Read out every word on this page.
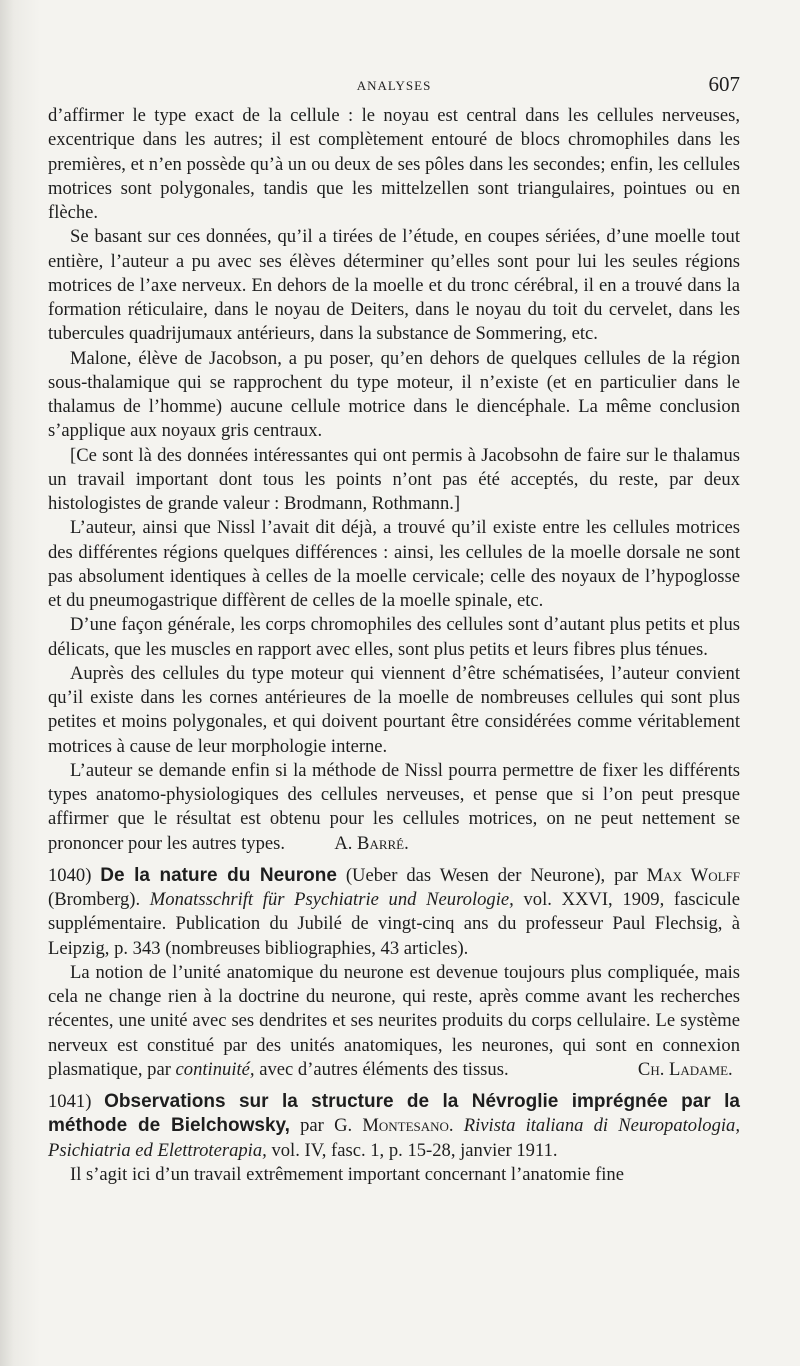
ANALYSES	607

d’affirmer le type exact de la cellule : le noyau est central dans les cellules nerveuses, excentrique dans les autres; il est complètement entouré de blocs chromophiles dans les premières, et n’en possède qu’à un ou deux de ses pôles dans les secondes; enfin, les cellules motrices sont polygonales, tandis que les mittelzellen sont triangulaires, pointues ou en flèche.

Se basant sur ces données, qu’il a tirées de l’étude, en coupes sériées, d’une moelle tout entière, l’auteur a pu avec ses élèves déterminer qu’elles sont pour lui les seules régions motrices de l’axe nerveux. En dehors de la moelle et du tronc cérébral, il en a trouvé dans la formation réticulaire, dans le noyau de Deiters, dans le noyau du toit du cervelet, dans les tubercules quadrijumaux antérieurs, dans la substance de Sommering, etc.

Malone, élève de Jacobson, a pu poser, qu’en dehors de quelques cellules de la région sous-thalamique qui se rapprochent du type moteur, il n’existe (et en particulier dans le thalamus de l’homme) aucune cellule motrice dans le diencéphale. La même conclusion s’applique aux noyaux gris centraux.

[Ce sont là des données intéressantes qui ont permis à Jacobsohn de faire sur le thalamus un travail important dont tous les points n’ont pas été acceptés, du reste, par deux histologistes de grande valeur : Brodmann, Rothmann.]

L’auteur, ainsi que Nissl l’avait dit déjà, a trouvé qu’il existe entre les cellules motrices des différentes régions quelques différences : ainsi, les cellules de la moelle dorsale ne sont pas absolument identiques à celles de la moelle cervicale; celle des noyaux de l’hypoglosse et du pneumogastrique diffèrent de celles de la moelle spinale, etc.

D’une façon générale, les corps chromophiles des cellules sont d’autant plus petits et plus délicats, que les muscles en rapport avec elles, sont plus petits et leurs fibres plus ténues.

Auprès des cellules du type moteur qui viennent d’être schématisées, l’auteur convient qu’il existe dans les cornes antérieures de la moelle de nombreuses cellules qui sont plus petites et moins polygonales, et qui doivent pourtant être considérées comme véritablement motrices à cause de leur morphologie interne.

L’auteur se demande enfin si la méthode de Nissl pourra permettre de fixer les différents types anatomo-physiologiques des cellules nerveuses, et pense que si l’on peut presque affirmer que le résultat est obtenu pour les cellules motrices, on ne peut nettement se prononcer pour les autres types.	A. Barré.

1040) De la nature du Neurone (Ueber das Wesen der Neurone), par Max Wolff (Bromberg). Monatsschrift für Psychiatrie und Neurologie, vol. XXVI, 1909, fascicule supplémentaire. Publication du Jubilé de vingt-cinq ans du professeur Paul Flechsig, à Leipzig, p. 343 (nombreuses bibliographies, 43 articles).

La notion de l’unité anatomique du neurone est devenue toujours plus compliquée, mais cela ne change rien à la doctrine du neurone, qui reste, après comme avant les recherches récentes, une unité avec ses dendrites et ses neurites produits du corps cellulaire. Le système nerveux est constitué par des unités anatomiques, les neurones, qui sont en connexion plasmatique, par continuité, avec d’autres éléments des tissus.	Ch. Ladame.

1041) Observations sur la structure de la Névroglie imprégnée par la méthode de Bielchowsky, par G. Montesano. Rivista italiana di Neuropatologia, Psichiatria ed Elettroterapia, vol. IV, fasc. 1, p. 15-28, janvier 1911.

Il s’agit ici d’un travail extrêmement important concernant l’anatomie fine
